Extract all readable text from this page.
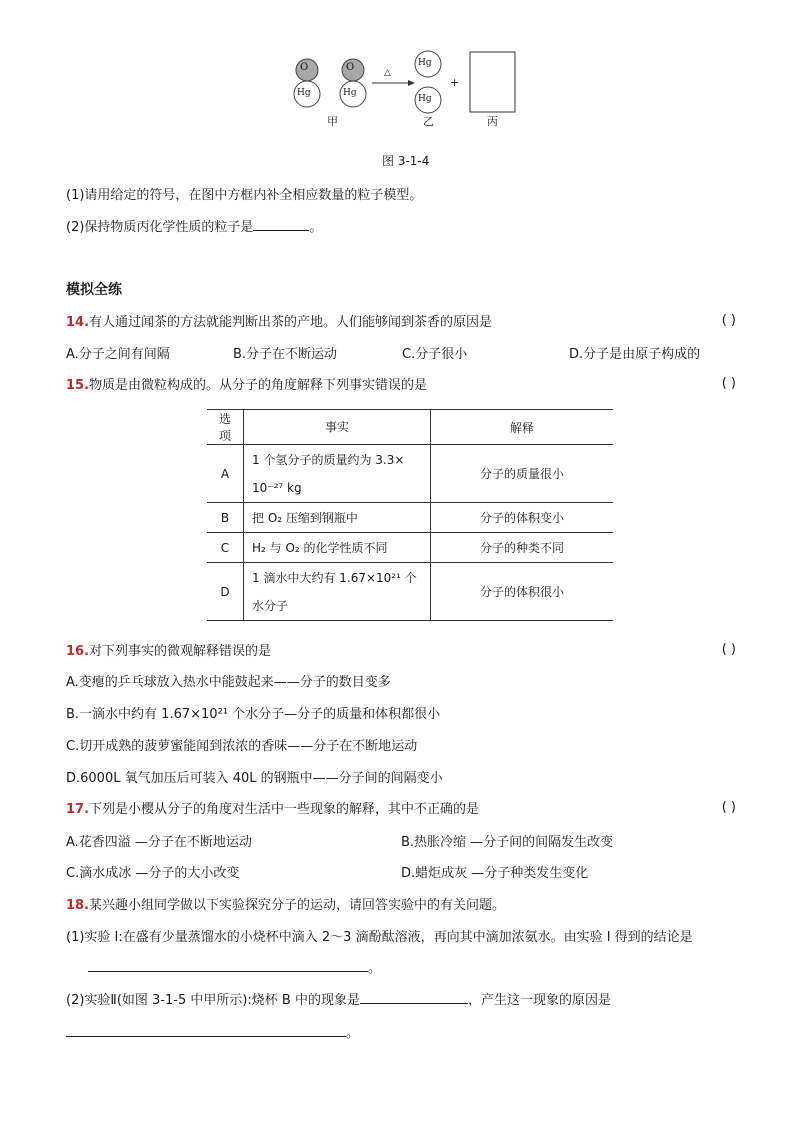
O	O
Hg	Hg
△
Hg
Hg
+
甲	乙	丙
图 3-1-4
(1)请用给定的符号，在图中方框内补全相应数量的粒子模型。
(2)保持物质丙化学性质的粒子是	。
模拟全练
14.有人通过闻茶的方法就能判断出茶的产地。人们能够闻到茶香的原因是	( )
A.分子之间有间隔	B.分子在不断运动	C.分子很小	D.分子是由原子构成的
15.物质是由微粒构成的。从分子的角度解释下列事实错误的是	( )
选项	事实	解释
A	1 个氢分子的质量约为 3.3×
10⁻²⁷ kg	分子的质量很小
B	把 O₂ 压缩到钢瓶中	分子的体积变小
C	H₂ 与 O₂ 的化学性质不同	分子的种类不同
D	1 滴水中大约有 1.67×10²¹ 个
水分子	分子的体积很小
16.对下列事实的微观解释错误的是	( )
A.变瘪的乒乓球放入热水中能鼓起来——分子的数目变多
B.一滴水中约有 1.67×10²¹ 个水分子—分子的质量和体积都很小
C.切开成熟的菠萝蜜能闻到浓浓的香味——分子在不断地运动
D.6000L 氧气加压后可装入 40L 的钢瓶中——分子间的间隔变小
17.下列是小樱从分子的角度对生活中一些现象的解释，其中不正确的是	( )
A.花香四溢 —分子在不断地运动	B.热胀冷缩 —分子间的间隔发生改变
C.滴水成冰 —分子的大小改变	D.蜡炬成灰 —分子种类发生变化
18.某兴趣小组同学做以下实验探究分子的运动，请回答实验中的有关问题。
(1)实验 I:在盛有少量蒸馏水的小烧杯中滴入 2～3 滴酚酞溶液，再向其中滴加浓氨水。由实验 I 得到的结论是
。
(2)实验Ⅱ(如图 3-1-5 中甲所示):烧杯 B 中的现象是	，产生这一现象的原因是
。
